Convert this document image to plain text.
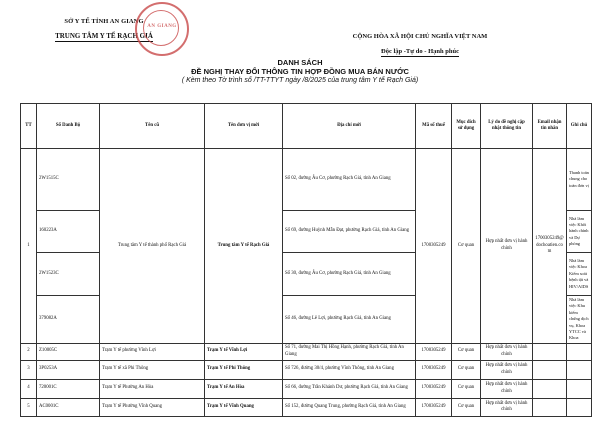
SỞ Y TẾ TỈNH AN GIANG
TRUNG TÂM Y TẾ RẠCH GIÁ
AN GIANG
CỘNG HÒA XÃ HỘI CHỦ NGHĨA VIỆT NAM
Độc lập -Tự do - Hạnh phúc
DANH SÁCH
ĐỀ NGHỊ THAY ĐỔI THÔNG TIN HỢP ĐỒNG MUA BÁN NƯỚC
( Kèm theo Tờ trình số /TT-TTYT ngày /8/2025 của trung tâm Y tế Rạch Giá)
TT	Số Danh Bộ	Tên cũ	Tên đơn vị mới	Địa chỉ mới	Mã số thuế	Mục đích sử dụng	Lý do đề nghị cập nhật thông tin	Email nhận tin nhắn	Ghi chú
1	2W1515C	Trung tâm Y tế thành phố Rạch Giá	Trung tâm Y tế Rạch Giá	Số 02, đường Âu Cơ, phường Rạch Giá, tỉnh An Giang	1700305249	Cơ quan	Hợp nhất đơn vị hành chính	1700305249@dochoatien.com	Thanh toán chung cho toàn đơn vị
	160223A			Số 69, đường Huỳnh Mẫn Đạt, phường Rạch Giá, tỉnh An Giang					Nhà làm việc Khối hành chính và Dự phòng
	2W1523C			Số 30, đường Âu Cơ, phường Rạch Giá, tỉnh An Giang					Nhà làm việc Khoa Kiểm soát bệnh tật và HIV/AIDS
	379082A			Số 46, đường Lê Lợi, phường Rạch Giá, tỉnh An Giang					Nhà làm việc Khu kiểm chứng dịch vụ, Khoa YTCC và Khoa
2	Z10005C	Trạm Y tế phường Vĩnh Lợi	Trạm Y tế Vĩnh Lợi	Số 71, đường Mai Thị Hồng Hạnh, phường Rạch Giá, tỉnh An Giang	1700305249	Cơ quan	Hợp nhất đơn vị hành chính		
3	3P0253A	Trạm Y tế xã Phi Thông	Trạm Y tế Phi Thông	Số 726, đường 30/4, phường Vĩnh Thông, tỉnh An Giang	1700305249	Cơ quan	Hợp nhất đơn vị hành chính		
4	720001C	Trạm Y tế Phường An Hòa	Trạm Y tế An Hòa	Số 66, đường Trần Khánh Dư, phường Rạch Giá, tỉnh An Giang	1700305249	Cơ quan	Hợp nhất đơn vị hành chính		
5	AC0001C	Trạm Y tế Phường Vĩnh Quang	Trạm Y tế Vĩnh Quang	Số 152, đường Quang Trung, phường Rạch Giá, tỉnh An Giang	1700305249	Cơ quan	Hợp nhất đơn vị hành chính		
